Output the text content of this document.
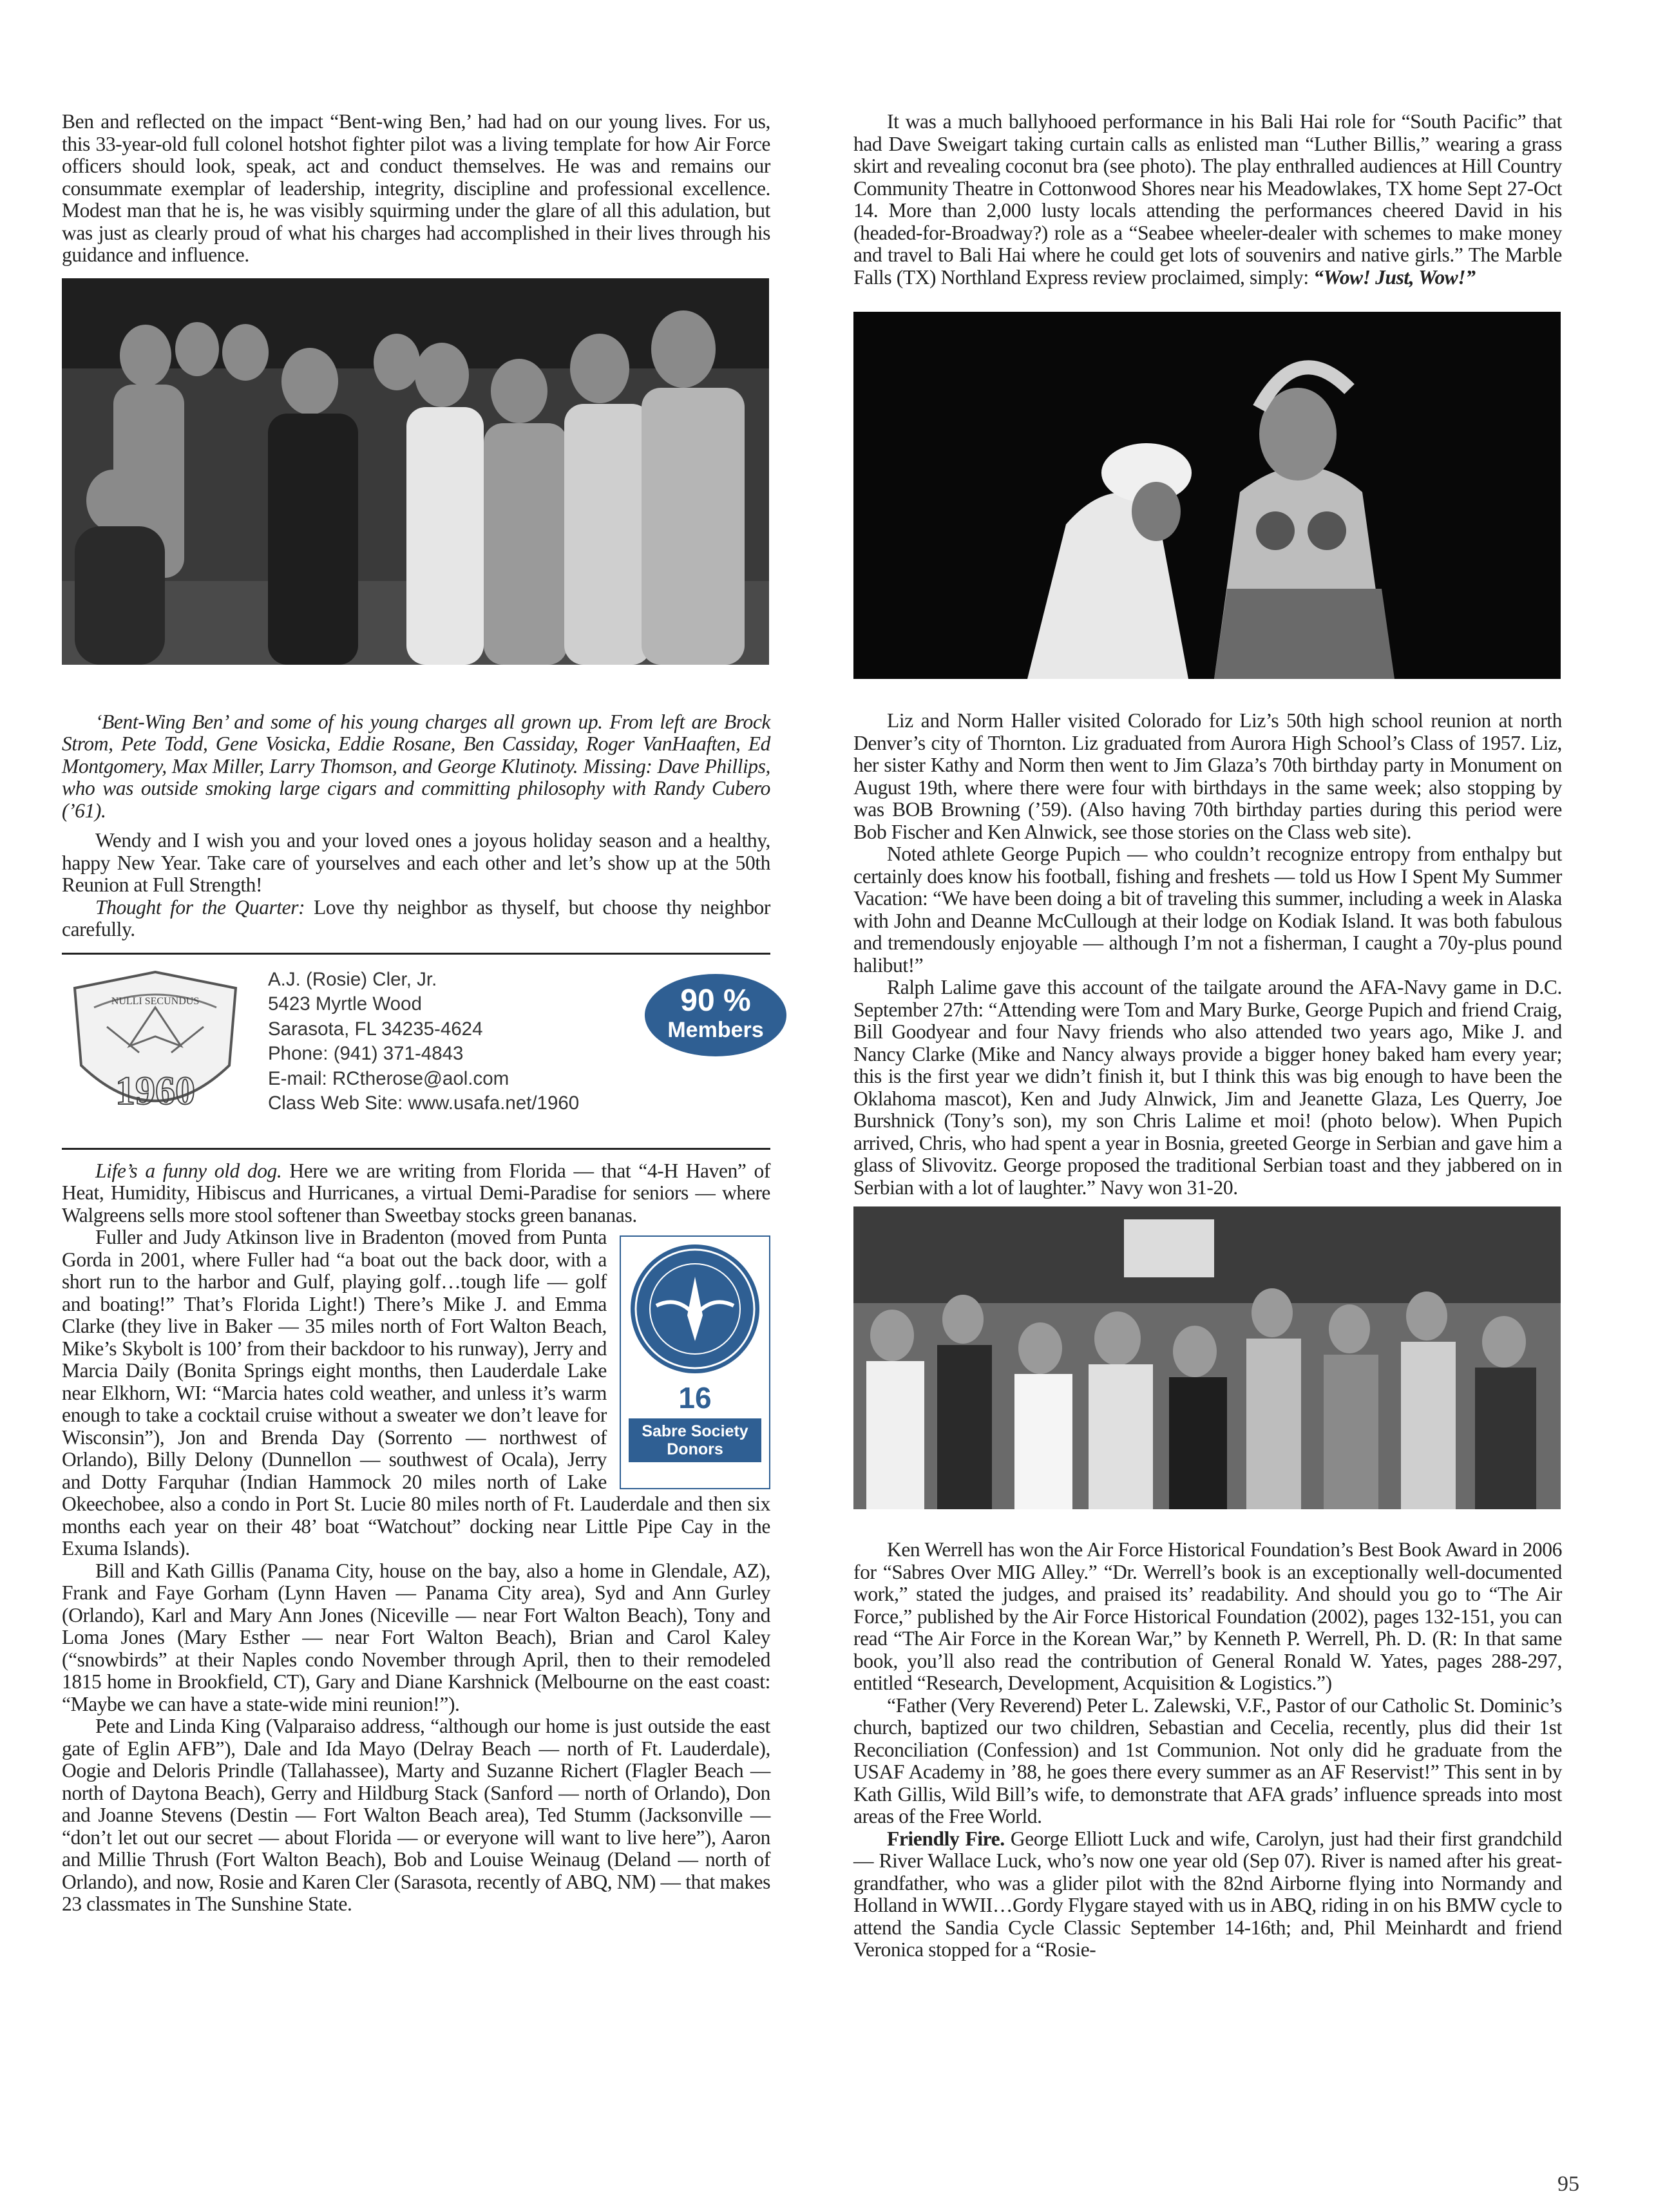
Ben and reflected on the impact “Bent-wing Ben,’ had had on our young lives. For us, this 33-year-old full colonel hotshot fighter pilot was a living template for how Air Force officers should look, speak, act and conduct themselves. He was and remains our consummate exemplar of leadership, integrity, discipline and professional excellence. Modest man that he is, he was visibly squirming under the glare of all this adulation, but was just as clearly proud of what his charges had accomplished in their lives through his guidance and influence.

‘Bent-Wing Ben’ and some of his young charges all grown up. From left are Brock Strom, Pete Todd, Gene Vosicka, Eddie Rosane, Ben Cassiday, Roger VanHaaften, Ed Montgomery, Max Miller, Larry Thomson, and George Klutinoty. Missing: Dave Phillips, who was outside smoking large cigars and committing philosophy with Randy Cubero (’61).

Wendy and I wish you and your loved ones a joyous holiday season and a healthy, happy New Year. Take care of yourselves and each other and let’s show up at the 50th Reunion at Full Strength!

Thought for the Quarter: Love thy neighbor as thyself, but choose thy neighbor carefully.

1960
NULLI SECUNDUS
A.J. (Rosie) Cler, Jr.
5423 Myrtle Wood
Sarasota, FL 34235-4624
Phone: (941) 371-4843
E-mail: RCtherose@aol.com
Class Web Site: www.usafa.net/1960
90 %
Members

Life’s a funny old dog. Here we are writing from Florida — that “4-H Haven” of Heat, Humidity, Hibiscus and Hurricanes, a virtual Demi-Paradise for seniors — where Walgreens sells more stool softener than Sweetbay stocks green bananas.

16
Sabre Society Donors

Fuller and Judy Atkinson live in Bradenton (moved from Punta Gorda in 2001, where Fuller had “a boat out the back door, with a short run to the harbor and Gulf, playing golf…tough life — golf and boating!” That’s Florida Light!) There’s Mike J. and Emma Clarke (they live in Baker — 35 miles north of Fort Walton Beach, Mike’s Skybolt is 100’ from their backdoor to his runway), Jerry and Marcia Daily (Bonita Springs eight months, then Lauderdale Lake near Elkhorn, WI: “Marcia hates cold weather, and unless it’s warm enough to take a cocktail cruise without a sweater we don’t leave for Wisconsin”), Jon and Brenda Day (Sorrento — northwest of Orlando), Billy Delony (Dunnellon — southwest of Ocala), Jerry and Dotty Farquhar (Indian Hammock 20 miles north of Lake Okeechobee, also a condo in Port St. Lucie 80 miles north of Ft. Lauderdale and then six months each year on their 48’ boat “Watchout” docking near Little Pipe Cay in the Exuma Islands).

Bill and Kath Gillis (Panama City, house on the bay, also a home in Glendale, AZ), Frank and Faye Gorham (Lynn Haven — Panama City area), Syd and Ann Gurley (Orlando), Karl and Mary Ann Jones (Niceville — near Fort Walton Beach), Tony and Loma Jones (Mary Esther — near Fort Walton Beach), Brian and Carol Kaley (“snowbirds” at their Naples condo November through April, then to their remodeled 1815 home in Brookfield, CT), Gary and Diane Karshnick (Melbourne on the east coast: “Maybe we can have a state-wide mini reunion!”).

Pete and Linda King (Valparaiso address, “although our home is just outside the east gate of Eglin AFB”), Dale and Ida Mayo (Delray Beach — north of Ft. Lauderdale), Oogie and Deloris Prindle (Tallahassee), Marty and Suzanne Richert (Flagler Beach — north of Daytona Beach), Gerry and Hildburg Stack (Sanford — north of Orlando), Don and Joanne Stevens (Destin — Fort Walton Beach area), Ted Stumm (Jacksonville — “don’t let out our secret — about Florida — or everyone will want to live here”), Aaron and Millie Thrush (Fort Walton Beach), Bob and Louise Weinaug (Deland — north of Orlando), and now, Rosie and Karen Cler (Sarasota, recently of ABQ, NM) — that makes 23 classmates in The Sunshine State.

It was a much ballyhooed performance in his Bali Hai role for “South Pacific” that had Dave Sweigart taking curtain calls as enlisted man “Luther Billis,” wearing a grass skirt and revealing coconut bra (see photo). The play enthralled audiences at Hill Country Community Theatre in Cottonwood Shores near his Meadowlakes, TX home Sept 27-Oct 14. More than 2,000 lusty locals attending the performances cheered David in his (headed-for-Broadway?) role as a “Seabee wheeler-dealer with schemes to make money and travel to Bali Hai where he could get lots of souvenirs and native girls.” The Marble Falls (TX) Northland Express review proclaimed, simply: “Wow! Just, Wow!”

Liz and Norm Haller visited Colorado for Liz’s 50th high school reunion at north Denver’s city of Thornton. Liz graduated from Aurora High School’s Class of 1957. Liz, her sister Kathy and Norm then went to Jim Glaza’s 70th birthday party in Monument on August 19th, where there were four with birthdays in the same week; also stopping by was BOB Browning (’59). (Also having 70th birthday parties during this period were Bob Fischer and Ken Alnwick, see those stories on the Class web site).

Noted athlete George Pupich — who couldn’t recognize entropy from enthalpy but certainly does know his football, fishing and freshets — told us How I Spent My Summer Vacation: “We have been doing a bit of traveling this summer, including a week in Alaska with John and Deanne McCullough at their lodge on Kodiak Island. It was both fabulous and tremendously enjoyable — although I’m not a fisherman, I caught a 70y-plus pound halibut!”

Ralph Lalime gave this account of the tailgate around the AFA-Navy game in D.C. September 27th: “Attending were Tom and Mary Burke, George Pupich and friend Craig, Bill Goodyear and four Navy friends who also attended two years ago, Mike J. and Nancy Clarke (Mike and Nancy always provide a bigger honey baked ham every year; this is the first year we didn’t finish it, but I think this was big enough to have been the Oklahoma mascot), Ken and Judy Alnwick, Jim and Jeanette Glaza, Les Querry, Joe Burshnick (Tony’s son), my son Chris Lalime et moi! (photo below). When Pupich arrived, Chris, who had spent a year in Bosnia, greeted George in Serbian and gave him a glass of Slivovitz. George proposed the traditional Serbian toast and they jabbered on in Serbian with a lot of laughter.” Navy won 31-20.

Ken Werrell has won the Air Force Historical Foundation’s Best Book Award in 2006 for “Sabres Over MIG Alley.” “Dr. Werrell’s book is an exceptionally well-documented work,” stated the judges, and praised its’ readability. And should you go to “The Air Force,” published by the Air Force Historical Foundation (2002), pages 132-151, you can read “The Air Force in the Korean War,” by Kenneth P. Werrell, Ph. D. (R: In that same book, you’ll also read the contribution of General Ronald W. Yates, pages 288-297, entitled “Research, Development, Acquisition & Logistics.”)

“Father (Very Reverend) Peter L. Zalewski, V.F., Pastor of our Catholic St. Dominic’s church, baptized our two children, Sebastian and Cecelia, recently, plus did their 1st Reconciliation (Confession) and 1st Communion. Not only did he graduate from the USAF Academy in ’88, he goes there every summer as an AF Reservist!” This sent in by Kath Gillis, Wild Bill’s wife, to demonstrate that AFA grads’ influence spreads into most areas of the Free World.

Friendly Fire. George Elliott Luck and wife, Carolyn, just had their first grandchild — River Wallace Luck, who’s now one year old (Sep 07). River is named after his great-grandfather, who was a glider pilot with the 82nd Airborne flying into Normandy and Holland in WWII…Gordy Flygare stayed with us in ABQ, riding in on his BMW cycle to attend the Sandia Cycle Classic September 14-16th; and, Phil Meinhardt and friend Veronica stopped for a “Rosie-

95
